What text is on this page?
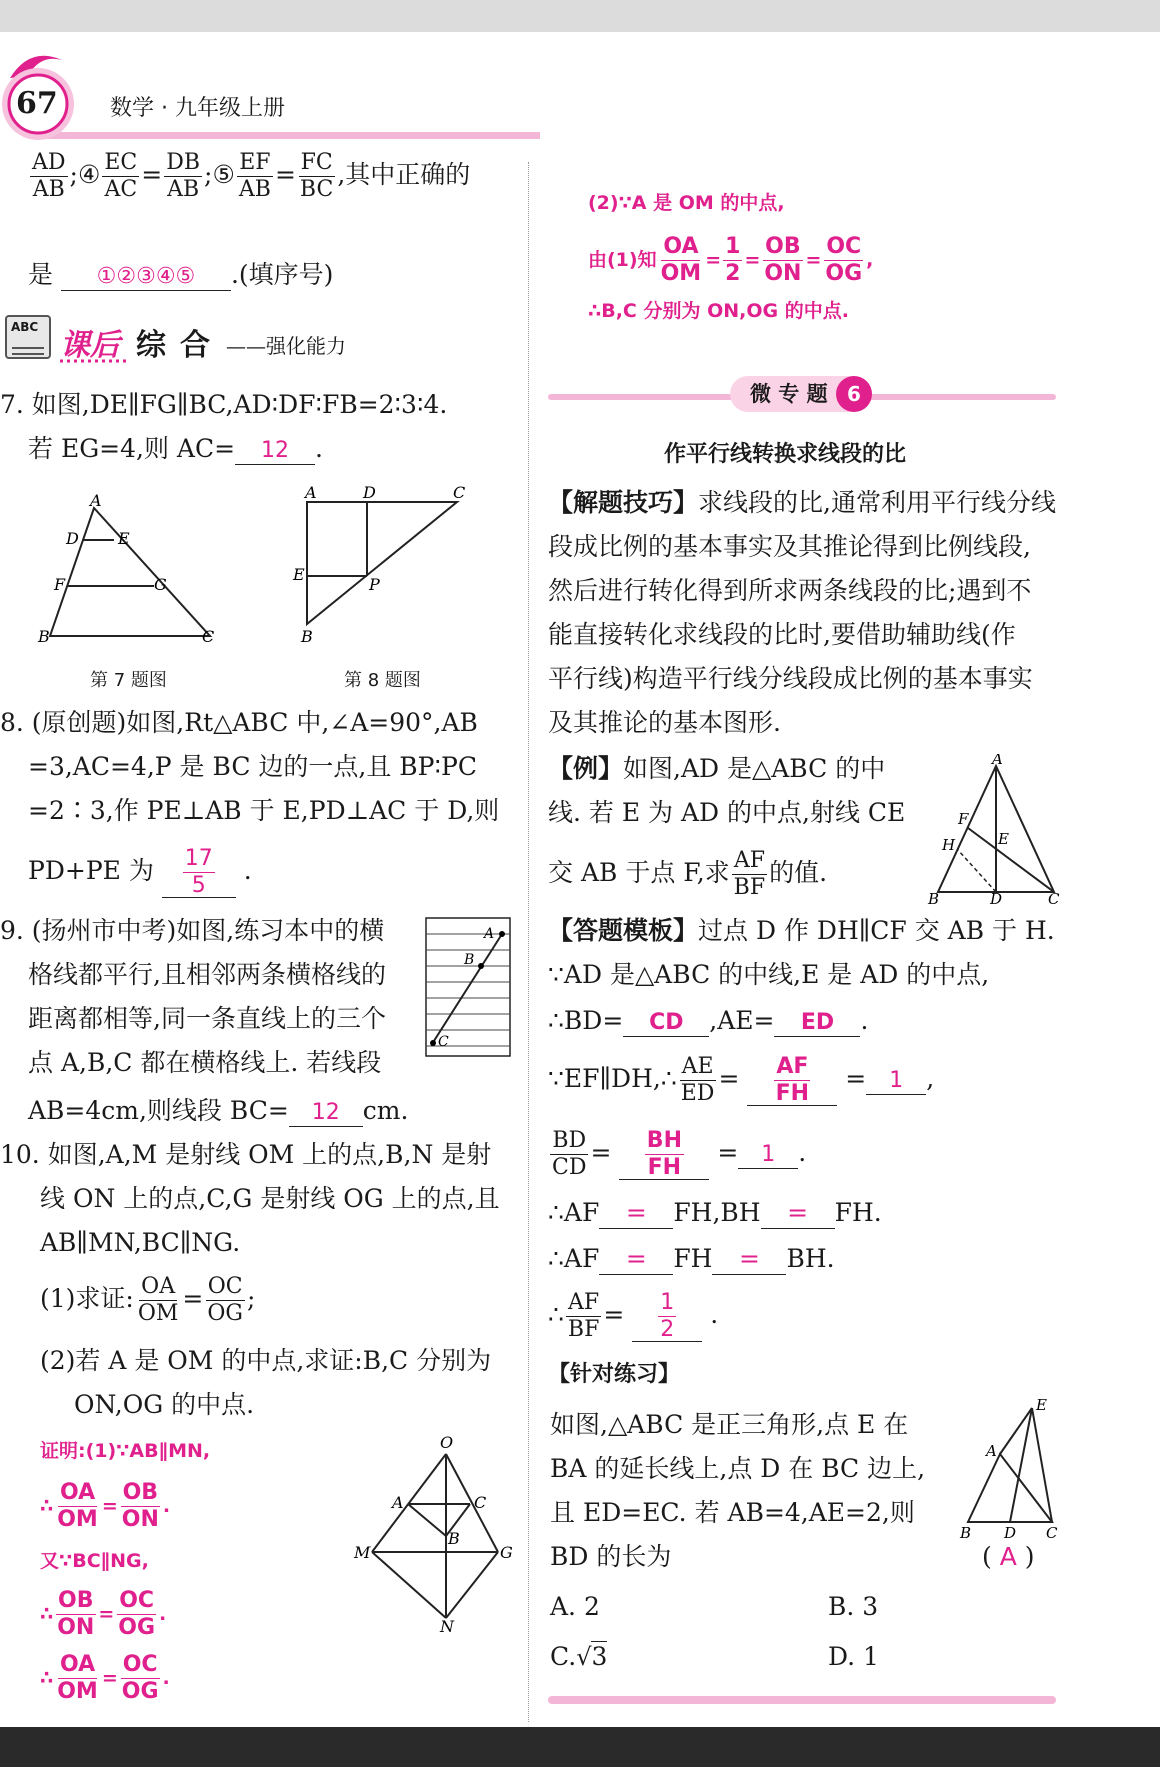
67 数学 · 九年级上册
$\frac{AD}{AB}$ ;④ $\frac{EC}{AC} = \frac{DB}{AB}$ ;⑤ $\frac{EF}{AB} = \frac{FC}{BC}$ ,其中正确的
是 ①②③④⑤ .(填序号)
ABC
课后 综 合 ——强化能力
7. 如图,DE∥FG∥BC,AD∶DF∶FB=2∶3∶4.
若 EG=4,则 AC= 12 .
A
D E
F	G
B	C
A	D	C
E
P
B
第 7 题图	第 8 题图
8. (原创题)如图,Rt△ABC 中,∠A=90°,AB
=3,AC=4,P 是 BC 边的一点,且 BP∶PC
=2∶3,作 PE⊥AB 于 E,PD⊥AC 于 D,则
PD+PE 为 $\frac{17}{5}$ .
9. (扬州市中考)如图,练习本中的横
格线都平行,且相邻两条横格线的
距离都相等,同一条直线上的三个
点 A,B,C 都在横格线上. 若线段
AB=4cm,则线段 BC= 12 cm.
A
B
C
10. 如图,A,M 是射线 OM 上的点,B,N 是射
线 ON 上的点,C,G 是射线 OG 上的点,且
AB∥MN,BC∥NG.
(1)求证: $\frac{OA}{OM} = \frac{OC}{OG}$ ;
(2)若 A 是 OM 的中点,求证:B,C 分别为
ON,OG 的中点.
证明:(1)∵AB∥MN,
∴ $\frac{OA}{OM} = \frac{OB}{ON}$ .
又∵BC∥NG,
∴ $\frac{OB}{ON} = \frac{OC}{OG}$ .
∴ $\frac{OA}{OM} = \frac{OC}{OG}$ .
O
A	C
B
M	G
N
(2)∵A 是 OM 的中点,
由(1)知 $\frac{OA}{OM} = \frac{1}{2} = \frac{OB}{ON} = \frac{OC}{OG}$ ,
∴B,C 分别为 ON,OG 的中点.
微 专 题 6
作平行线转换求线段的比
【解题技巧】求线段的比,通常利用平行线分线
段成比例的基本事实及其推论得到比例线段,
然后进行转化得到所求两条线段的比;遇到不
能直接转化求线段的比时,要借助辅助线(作
平行线)构造平行线分线段成比例的基本事实
及其推论的基本图形.
【例】如图,AD 是△ABC 的中
线. 若 E 为 AD 的中点,射线 CE
交 AB 于点 F,求 $\frac{AF}{BF}$ 的值.
A
F
E
H
B	D	C
【答题模板】过点 D 作 DH∥CF 交 AB 于 H.
∵AD 是△ABC 的中线,E 是 AD 的中点,
∴BD= CD ,AE= ED .
∵EF∥DH,∴ $\frac{AE}{ED} = \frac{AF}{FH} = 1$ ,
$\frac{BD}{CD} = \frac{BH}{FH} = 1$ .
∴AF = FH,BH = FH.
∴AF = FH = BH.
∴ $\frac{AF}{BF} = \frac{1}{2}$ .
【针对练习】
如图,△ABC 是正三角形,点 E 在
BA 的延长线上,点 D 在 BC 边上,
且 ED=EC. 若 AB=4,AE=2,则
BD 的长为	( A )
E
A
B D C
A. 2	B. 3
C.√3	D. 1
